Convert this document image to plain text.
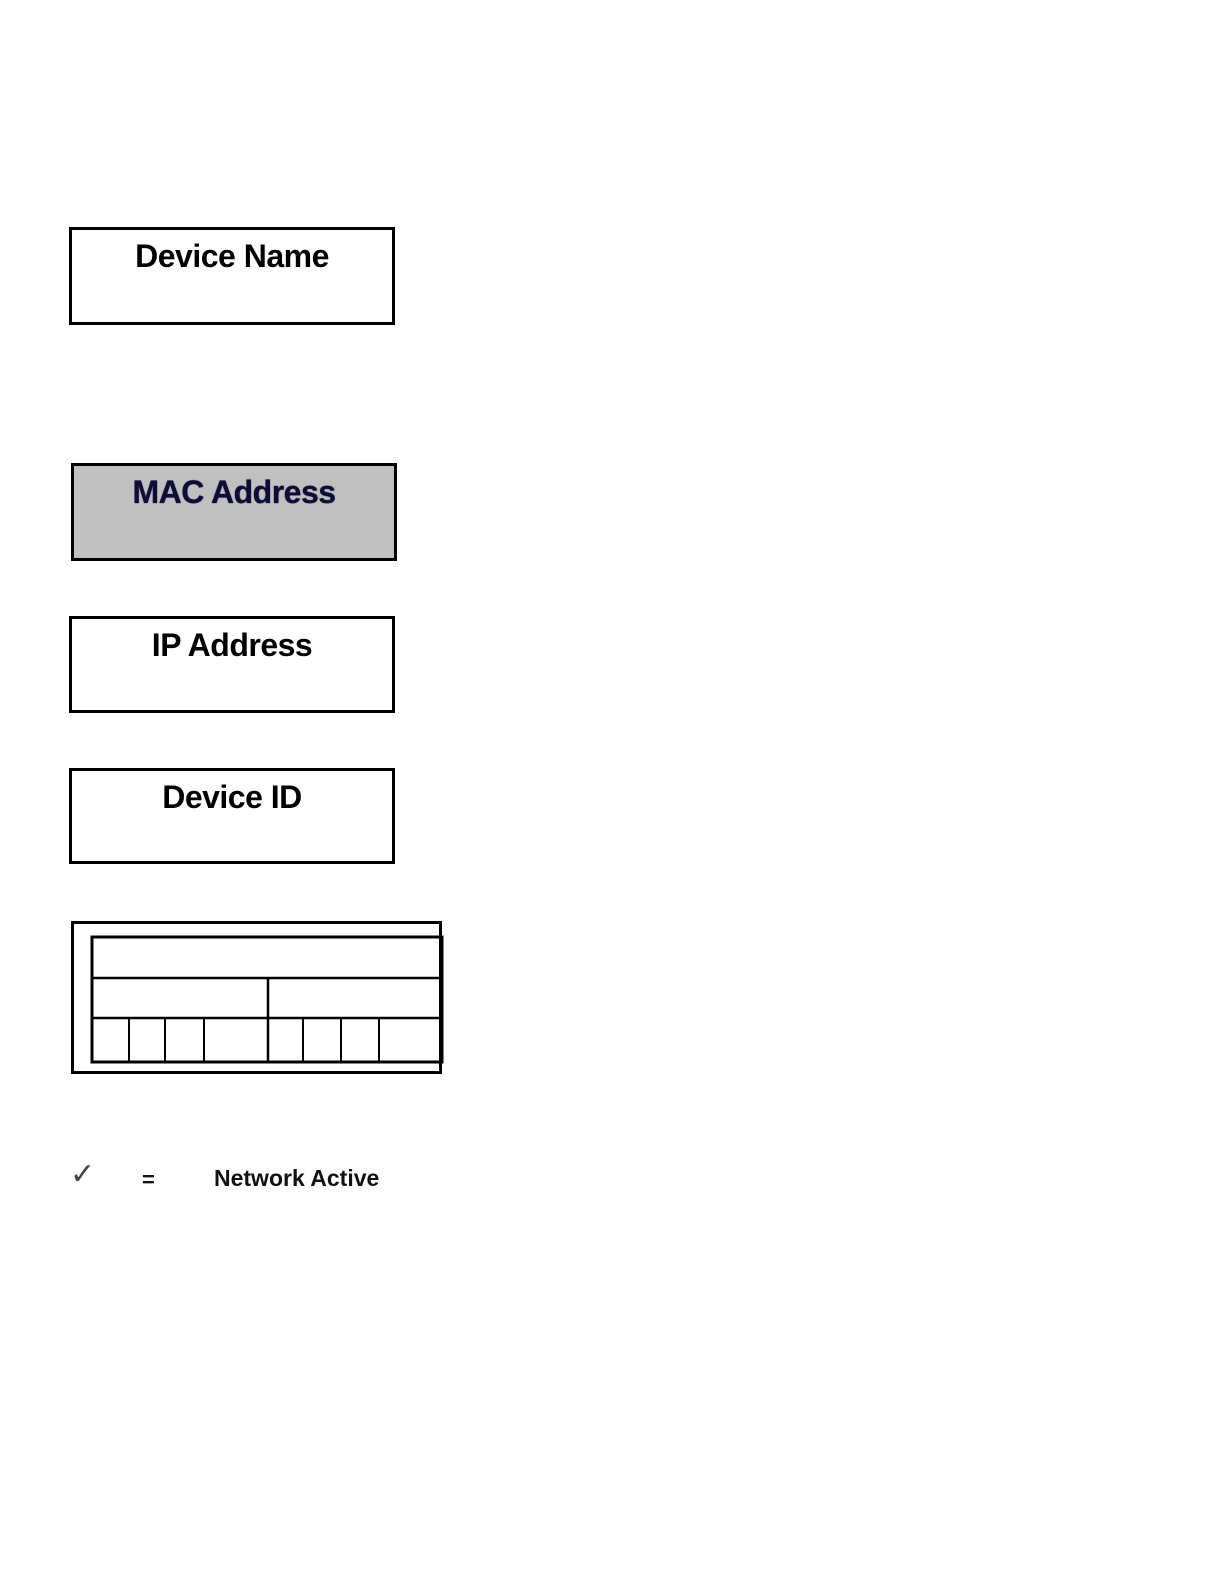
Device Name
MAC Address
IP Address
Device ID
✓ =	Network Active
